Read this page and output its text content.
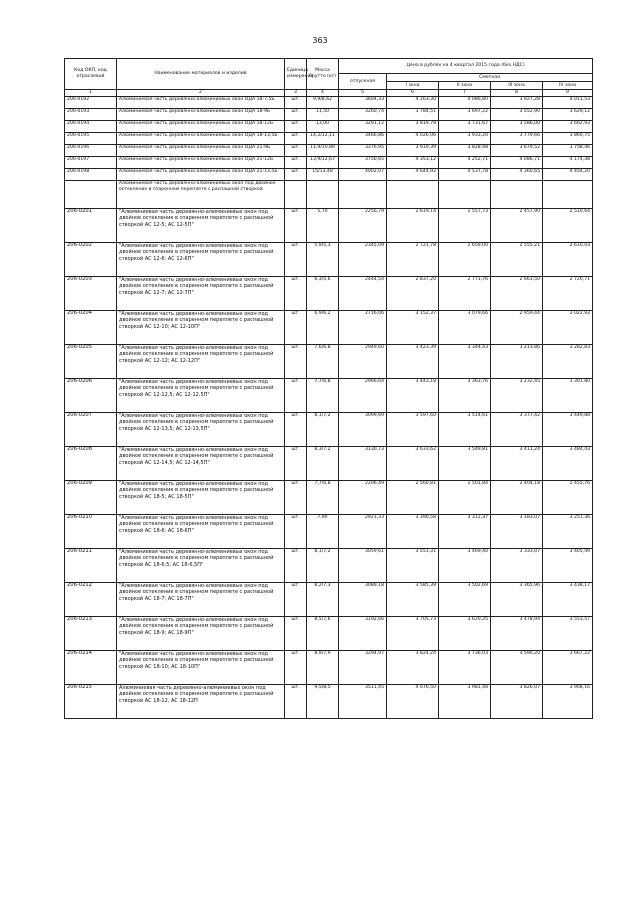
363
Код ОКП, код отраслевой	Наименование материалов и изделий	Единица измерения	Масса брутто (кг)	Цена в рублях на 4 квартал 2015 года (без НДС)				
				отпускная	Сметная			
					I зона	II зона	III зона	IV зона
1	2	3	4	5	6	7	8	9
206-0192	Алюминиевая часть деревянно-алюминиевых окон ОДА 18-7,5Б	шт.	9,9/8,62	3604,33	4 163,30	4 086,80	3 927,28	4 011,53
206-0193	Алюминиевая часть деревянно-алюминиевых окон ОДА 18-9Б	шт.	11,50	3260,74	3 784,51	3 697,22	3 552,90	3 629,12
206-0194	Алюминиевая часть деревянно-алюминиевых окон ОДА 18-12Б	шт.	13,00	3291,12	3 819,78	3 731,67	3 586,00	3 662,93
206-0195	Алюминиевая часть деревянно-алюминиевых окон ОДА 18-13,5Б	шт.	14,2/12,11	3466,86	4 026,06	3 933,20	3 779,66	3 860,75
206-0196	Алюминиевая часть деревянно-алюминиевых окон ОДА 21-9Б	шт.	11,9/10,89	3376,95	3 919,39	3 828,98	3 679,52	3 758,46
206-0197	Алюминиевая часть деревянно-алюминиевых окон ОДА 21-12Б	шт.	13,9/12,67	3750,65	4 353,12	4 252,71	4 086,71	4 174,38
206-0198	Алюминиевая часть деревянно-алюминиевых окон ОДА 21-13,5Б	шт.	15/13,48	4002,07	4 644,92	4 537,78	4 360,65	4 454,20
	Алюминиевая часть деревянно-алюминиевых окон под двойное остекление в спаренном переплете с распашной створкой							
206-0201	"Алюминиевая часть деревянно-алюминиевых окон под двойное остекление в спаренном переплете с распашной створкой АС 12-5; АС 12-5П"	шт.	5,70	2256,79	2 619,14	2 557,73	2 457,90	2 510,64
206-0202	"Алюминиевая часть деревянно-алюминиевых окон под двойное остекление в спаренном переплете с распашной створкой АС 12-6; АС 12-6П"	шт.	5,9/5,3	2345,09	2 721,78	2 659,00	2 555,21	2 610,03
206-0203	"Алюминиевая часть деревянно-алюминиевых окон под двойное остекление в спаренном переплете с распашной створкой АС 12-7; АС 12-7П"	шт.	6,3/5,6	2444,54	2 837,20	2 771,76	2 663,50	2 720,71
206-0204	"Алюминиевая часть деревянно-алюминиевых окон под двойное остекление в спаренном переплете с распашной створкой АС 12-10; АС 12-10П"	шт.	6,9/6,2	2716,06	3 152,37	3 079,66	2 959,44	3 022,93
206-0205	"Алюминиевая часть деревянно-алюминиевых окон под двойное остекление в спаренном переплете с распашной створкой АС 12-12; АС 12-12П"	шт.	7,6/6,8	2949,60	3 423,39	3 344,43	3 213,86	3 282,83
206-0206	"Алюминиевая часть деревянно-алюминиевых окон под двойное остекление в спаренном переплете с распашной створкой АС 12-12,5; АС 12-12,5П"	шт.	7,7/6,8	2966,64	3 443,18	3 363,76	3 232,45	3 301,80
206-0207	"Алюминиевая часть деревянно-алюминиевых окон под двойное остекление в спаренном переплете с распашной створкой АС 12-13,5; АС 12-13,5П"	шт.	8,1/7,2	3099,69	3 597,60	3 514,61	3 377,42	3 449,88
206-0208	"Алюминиевая часть деревянно-алюминиевых окон под двойное остекление в спаренном переплете с распашной створкой АС 12-14,5; АС 12-14,5П"	шт.	8,3/7,2	3130,73	3 633,62	3 549,81	3 411,24	3 484,43
206-0209	"Алюминиевая часть деревянно-алюминиевых окон под двойное остекление в спаренном переплете с распашной створкой АС 18-5; АС 18-5П"	шт.	7,7/6,8	2206,49	2 560,81	2 501,84	2 404,18	2 455,76
206-0210	"Алюминиевая часть деревянно-алюминиевых окон под двойное остекление в спаренном переплете с распашной створкой АС 18-6; АС 18-6П"	шт.	7,90	2921,33	3 390,58	3 312,37	3 183,07	3 251,36
206-0211	"Алюминиевая часть деревянно-алюминиевых окон под двойное остекление в спаренном переплете с распашной створкой АС 18-6,5; АС 18-6,5П"	шт.	8,1/7,2	3059,61	3 551,31	3 469,40	3 333,07	3 405,49
206-0212	"Алюминиевая часть деревянно-алюминиевых окон под двойное остекление в спаренном переплете с распашной створкой АС 18-7; АС 18-7П"	шт.	8,2/7,3	3089,18	3 585,39	3 502,69	3 365,96	3 438,17
206-0213	"Алюминиевая часть деревянно-алюминиевых окон под двойное остекление в спаренном переплете с распашной створкой АС 18-9; АС 18-9П"	шт.	8,5/7,6	3192,66	3 705,73	3 620,25	3 478,94	3 553,57
206-0214	"Алюминиевая часть деревянно-алюминиевых окон под двойное остекление в спаренном переплете с распашной створкой АС 18-10; АС 18-10П"	шт.	8,9/7,9	3294,97	3 824,24	3 736,03	3 590,20	3 667,22
206-0215	Алюминиевая часть деревянно-алюминиевых окон под двойное остекление в спаренном переплете с распашной створкой АС 18-12, АС 18-12П	шт.	9,5/8,5	3511,45	4 076,50	3 981,48	3 826,07	3 908,16
